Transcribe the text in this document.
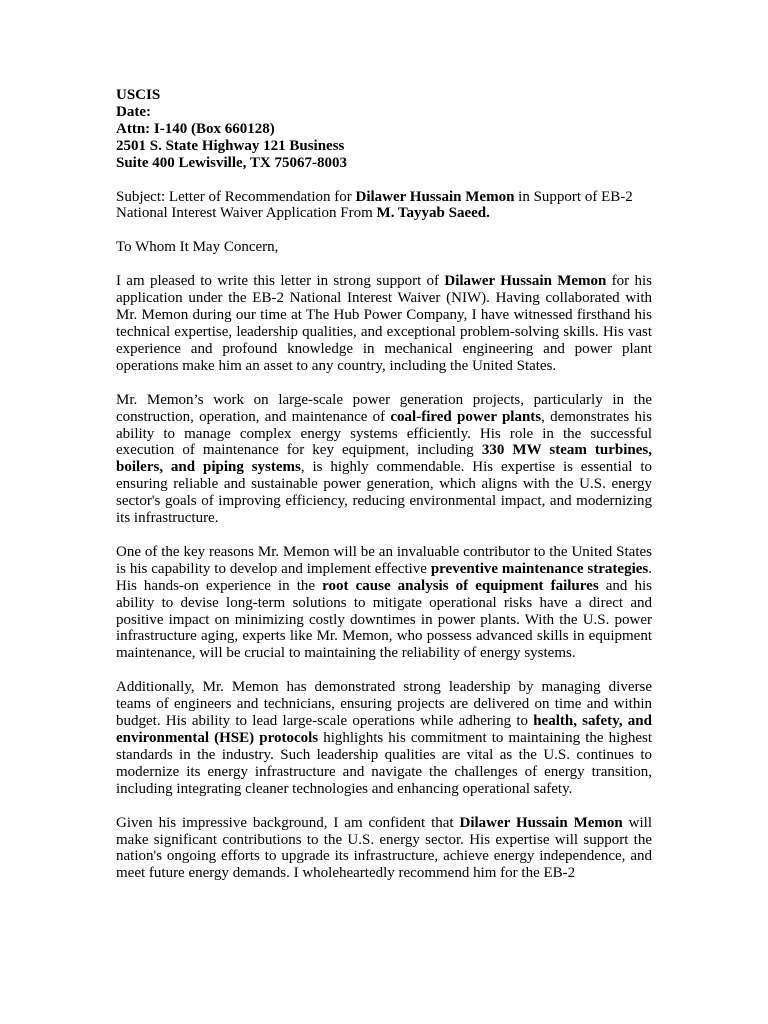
USCIS
Date:
Attn: I-140 (Box 660128)
2501 S. State Highway 121 Business
Suite 400 Lewisville, TX 75067-8003

Subject: Letter of Recommendation for Dilawer Hussain Memon in Support of EB-2 National Interest Waiver Application From M. Tayyab Saeed.

To Whom It May Concern,

I am pleased to write this letter in strong support of Dilawer Hussain Memon for his application under the EB-2 National Interest Waiver (NIW). Having collaborated with Mr. Memon during our time at The Hub Power Company, I have witnessed firsthand his technical expertise, leadership qualities, and exceptional problem-solving skills. His vast experience and profound knowledge in mechanical engineering and power plant operations make him an asset to any country, including the United States.

Mr. Memon’s work on large-scale power generation projects, particularly in the construction, operation, and maintenance of coal-fired power plants, demonstrates his ability to manage complex energy systems efficiently. His role in the successful execution of maintenance for key equipment, including 330 MW steam turbines, boilers, and piping systems, is highly commendable. His expertise is essential to ensuring reliable and sustainable power generation, which aligns with the U.S. energy sector's goals of improving efficiency, reducing environmental impact, and modernizing its infrastructure.

One of the key reasons Mr. Memon will be an invaluable contributor to the United States is his capability to develop and implement effective preventive maintenance strategies. His hands-on experience in the root cause analysis of equipment failures and his ability to devise long-term solutions to mitigate operational risks have a direct and positive impact on minimizing costly downtimes in power plants. With the U.S. power infrastructure aging, experts like Mr. Memon, who possess advanced skills in equipment maintenance, will be crucial to maintaining the reliability of energy systems.

Additionally, Mr. Memon has demonstrated strong leadership by managing diverse teams of engineers and technicians, ensuring projects are delivered on time and within budget. His ability to lead large-scale operations while adhering to health, safety, and environmental (HSE) protocols highlights his commitment to maintaining the highest standards in the industry. Such leadership qualities are vital as the U.S. continues to modernize its energy infrastructure and navigate the challenges of energy transition, including integrating cleaner technologies and enhancing operational safety.

Given his impressive background, I am confident that Dilawer Hussain Memon will make significant contributions to the U.S. energy sector. His expertise will support the nation's ongoing efforts to upgrade its infrastructure, achieve energy independence, and meet future energy demands. I wholeheartedly recommend him for the EB-2
